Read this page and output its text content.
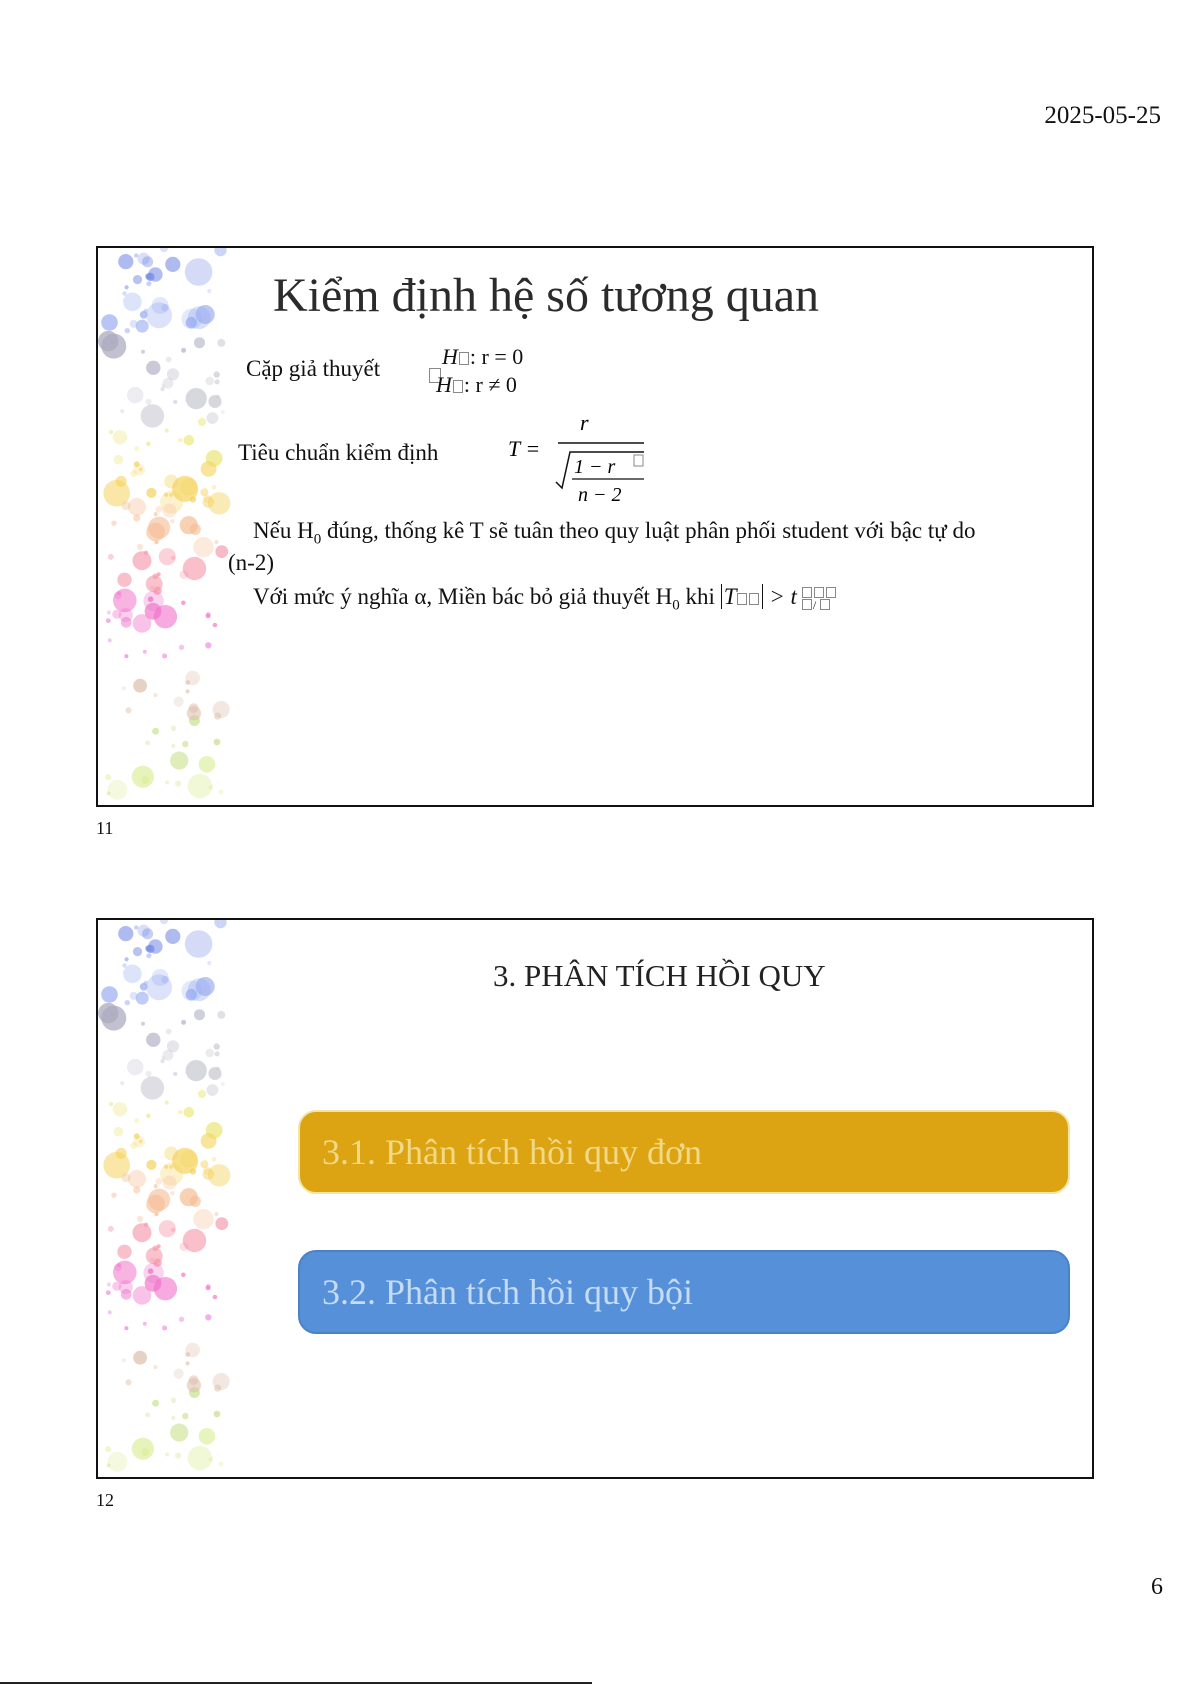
2025-05-25
Kiểm định hệ số tương quan
Cặp giả thuyết	H : r = 0
H : r ≠ 0
Tiêu chuẩn kiểm định	T =
r
1 − r
n − 2
Nếu $H_0$ đúng, thống kê T sẽ tuân theo quy luật phân phối student với bậc tự do
(n-2)
Với mức ý nghĩa α, Miền bác bỏ giả thuyết $H_0$ khi T > t /
11
3. PHÂN TÍCH HỒI QUY
3.1. Phân tích hồi quy đơn
3.2. Phân tích hồi quy bội
12
6
